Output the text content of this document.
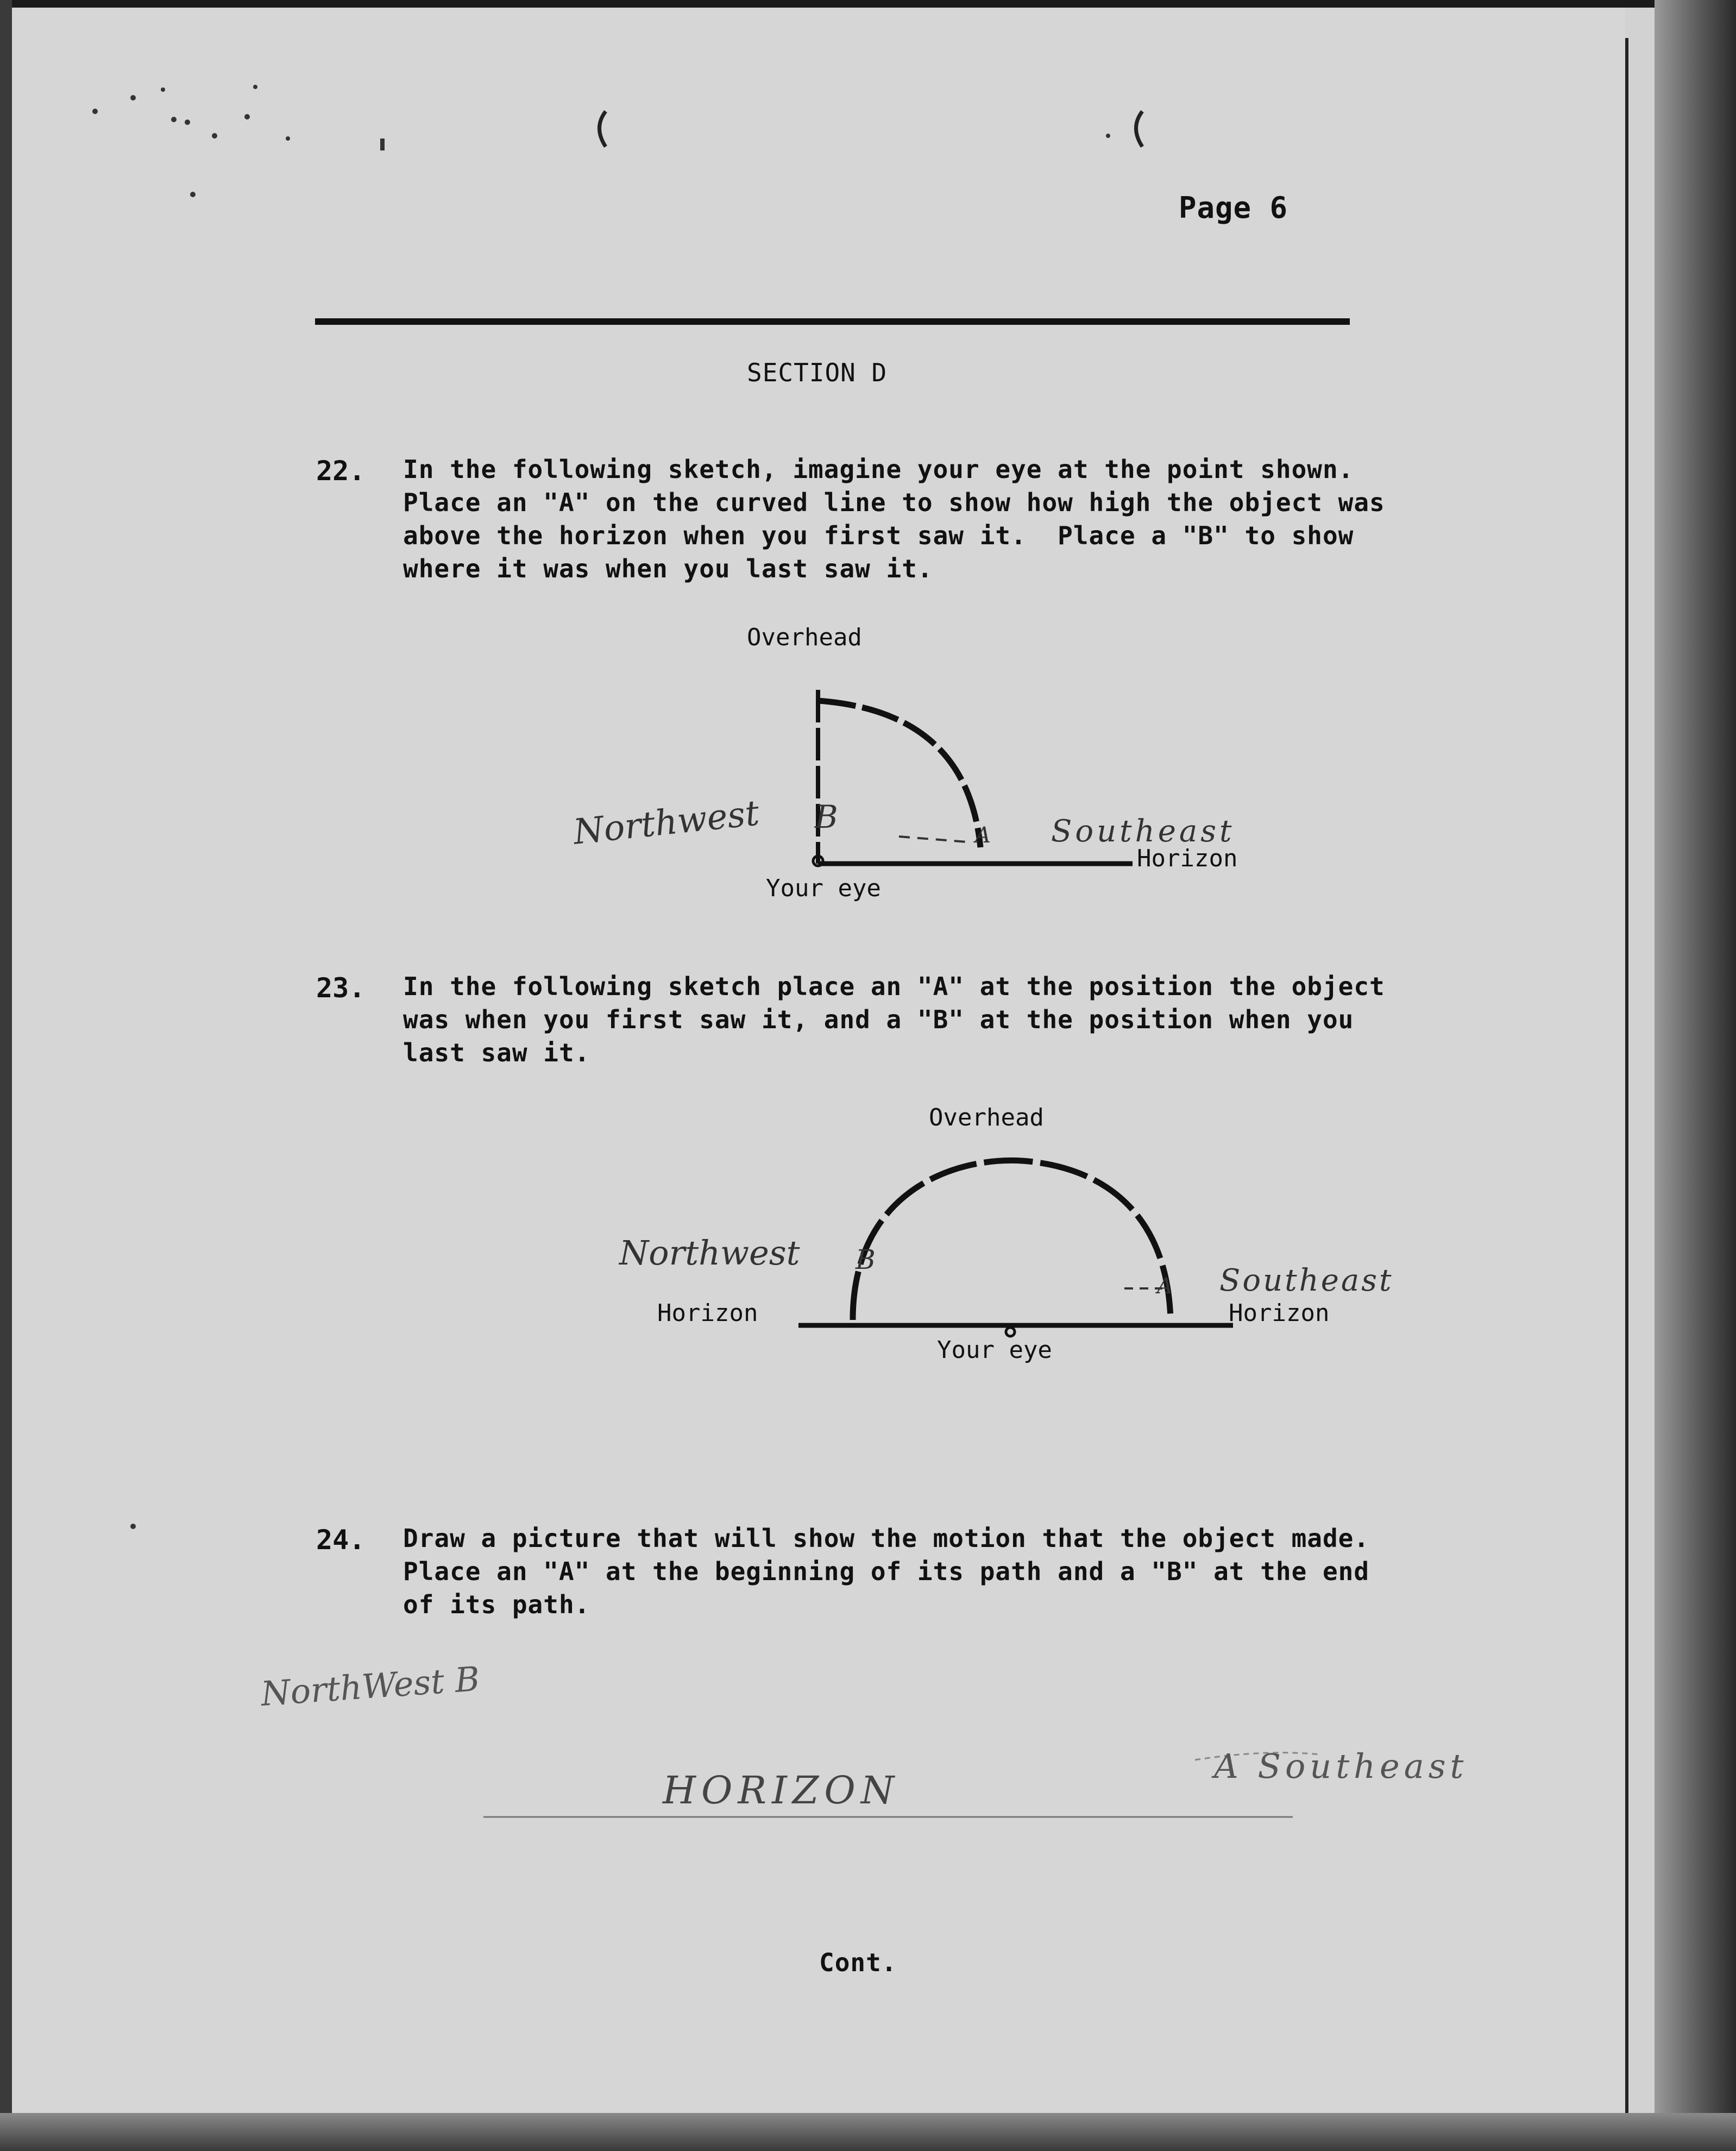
Page 6
SECTION D
22. In the following sketch, imagine your eye at the point shown.
Place an "A" on the curved line to show how high the object was
above the horizon when you first saw it.  Place a "B" to show
where it was when you last saw it.
Overhead
Horizon
Your eye
Northwest B	A Southeast
23. In the following sketch place an "A" at the position the object
was when you first saw it, and a "B" at the position when you
last saw it.
Overhead
Horizon	Horizon
Your eye
Northwest B
A Southeast
24. Draw a picture that will show the motion that the object made.
Place an "A" at the beginning of its path and a "B" at the end
of its path.
NorthWest B
HORIZON
A Southeast
Cont.
